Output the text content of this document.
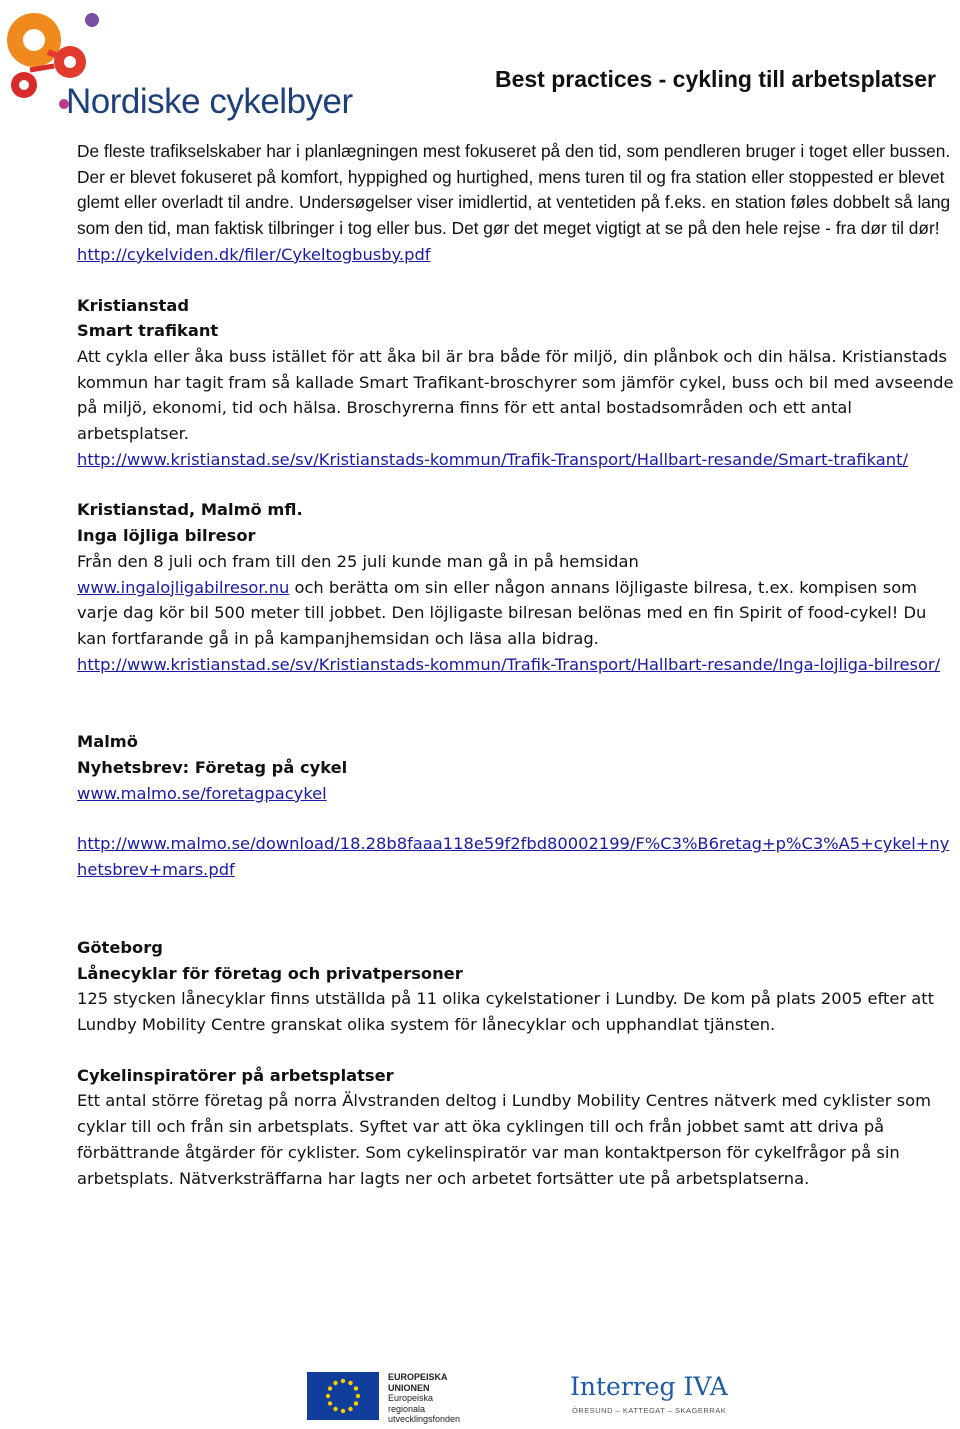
Nordiske cykelbyer
Best practices - cykling till arbetsplatser

De fleste trafikselskaber har i planlægningen mest fokuseret på den tid, som pendleren bruger i toget eller bussen. Der er blevet fokuseret på komfort, hyppighed og hurtighed, mens turen til og fra station eller stoppested er blevet glemt eller overladt til andre. Undersøgelser viser imidlertid, at ventetiden på f.eks. en station føles dobbelt så lang som den tid, man faktisk tilbringer i tog eller bus. Det gør det meget vigtigt at se på den hele rejse - fra dør til dør!

http://cykelviden.dk/filer/Cykeltogbusby.pdf

Kristianstad

Smart trafikant

Att cykla eller åka buss istället för att åka bil är bra både för miljö, din plånbok och din hälsa. Kristianstads kommun har tagit fram så kallade Smart Trafikant-broschyrer som jämför cykel, buss och bil med avseende på miljö, ekonomi, tid och hälsa. Broschyrerna finns för ett antal bostadsområden och ett antal arbetsplatser.

http://www.kristianstad.se/sv/Kristianstads-kommun/Trafik-Transport/Hallbart-resande/Smart-trafikant/

Kristianstad, Malmö mfl.

Inga löjliga bilresor

Från den 8 juli och fram till den 25 juli kunde man gå in på hemsidan

www.ingalojligabilresor.nu och berätta om sin eller någon annans löjligaste bilresa, t.ex. kompisen som varje dag kör bil 500 meter till jobbet. Den löjligaste bilresan belönas med en fin Spirit of food-cykel! Du kan fortfarande gå in på kampanjhemsidan och läsa alla bidrag.

http://www.kristianstad.se/sv/Kristianstads-kommun/Trafik-Transport/Hallbart-resande/Inga-lojliga-bilresor/

Malmö

Nyhetsbrev: Företag på cykel

www.malmo.se/foretagpacykel

http://www.malmo.se/download/18.28b8faaa118e59f2fbd80002199/F%C3%B6retag+p%C3%A5+cykel+nyhetsbrev+mars.pdf

Göteborg

Lånecyklar för företag och privatpersoner

125 stycken lånecyklar finns utställda på 11 olika cykelstationer i Lundby. De kom på plats 2005 efter att Lundby Mobility Centre granskat olika system för lånecyklar och upphandlat tjänsten.

Cykelinspiratörer på arbetsplatser

Ett antal större företag på norra Älvstranden deltog i Lundby Mobility Centres nätverk med cyklister som cyklar till och från sin arbetsplats. Syftet var att öka cyklingen till och från jobbet samt att driva på förbättrande åtgärder för cyklister. Som cykelinspiratör var man kontaktperson för cykelfrågor på sin arbetsplats. Nätverksträffarna har lagts ner och arbetet fortsätter ute på arbetsplatserna.

EUROPEISKA
UNIONEN
Europeiska
regionala
utvecklingsfonden
Interreg IVA
ÖRESUND – KATTEGAT – SKAGERRAK
